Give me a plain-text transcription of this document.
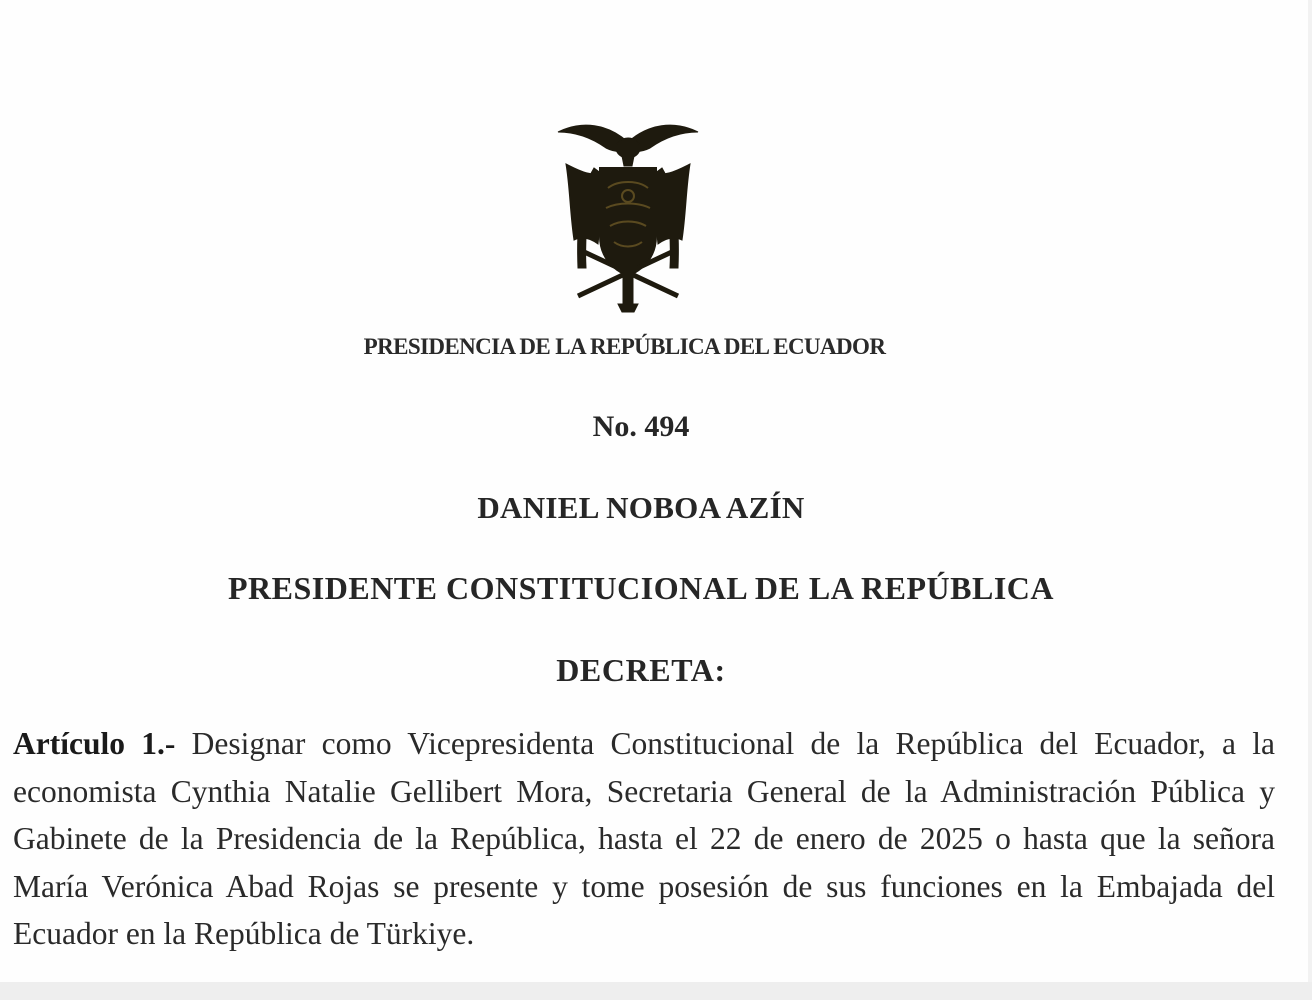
PRESIDENCIA DE LA REPÚBLICA DEL ECUADOR
No. 494
DANIEL NOBOA AZÍN
PRESIDENTE CONSTITUCIONAL DE LA REPÚBLICA
DECRETA:
Artículo 1.- Designar como Vicepresidenta Constitucional de la República del Ecuador, a la economista Cynthia Natalie Gellibert Mora, Secretaria General de la Administración Pública y Gabinete de la Presidencia de la República, hasta el 22 de enero de 2025 o hasta que la señora María Verónica Abad Rojas se presente y tome posesión de sus funciones en la Embajada del Ecuador en la República de Türkiye.
